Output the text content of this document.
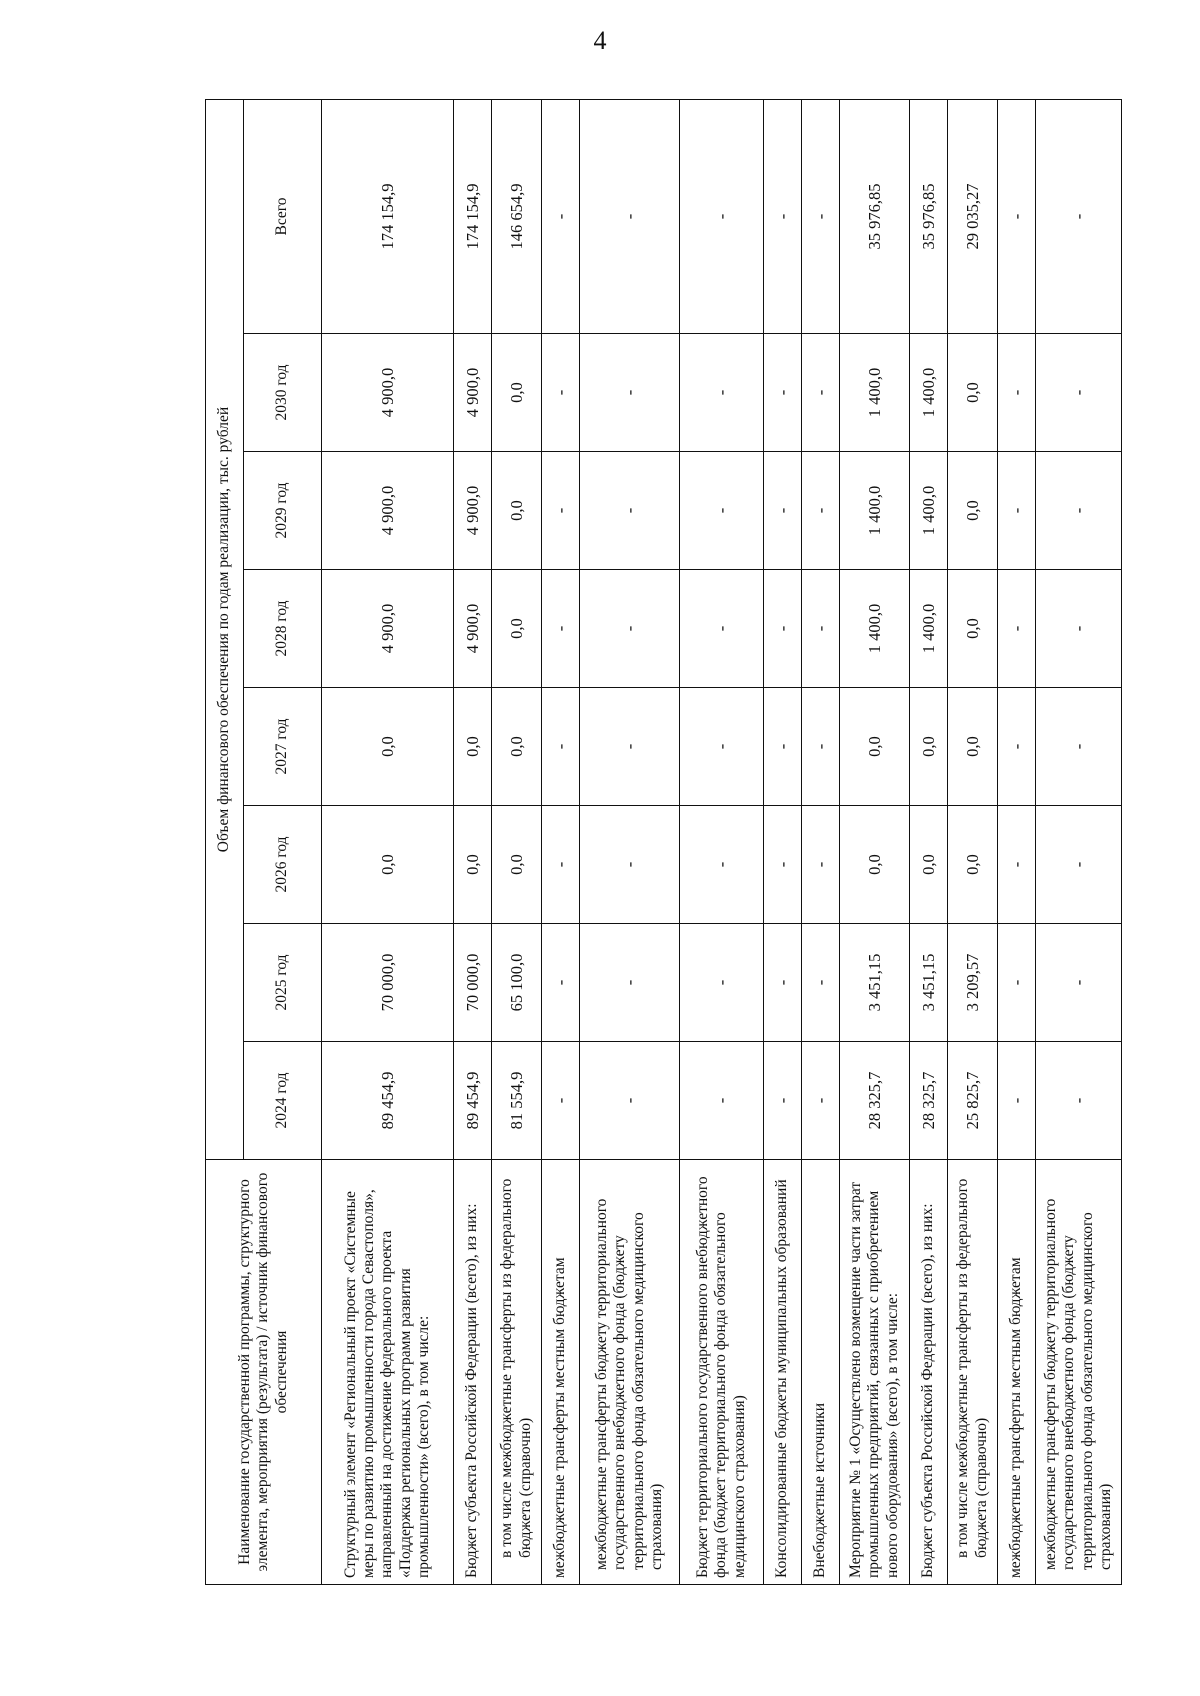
4
Наименование государственной программы, структурного элемента, мероприятия (результата) / источник финансового обеспечения	Объем финансового обеспечения по годам реализации, тыс. рублей							
	2024 год	2025 год	2026 год	2027 год	2028 год	2029 год	2030 год	Всего
Структурный элемент «Региональный проект «Системные меры по развитию промышленности города Севастополя», направленный на достижение федерального проекта «Поддержка региональных программ развития промышленности» (всего), в том числе:	89 454,9	70 000,0	0,0	0,0	4 900,0	4 900,0	4 900,0	174 154,9
Бюджет субъекта Российской Федерации (всего), из них:	89 454,9	70 000,0	0,0	0,0	4 900,0	4 900,0	4 900,0	174 154,9
в том числе межбюджетные трансферты из федерального бюджета (справочно)	81 554,9	65 100,0	0,0	0,0	0,0	0,0	0,0	146 654,9
межбюджетные трансферты местным бюджетам	-	-	-	-	-	-	-	-
межбюджетные трансферты бюджету территориального государственного внебюджетного фонда (бюджету территориального фонда обязательного медицинского страхования)	-	-	-	-	-	-	-	-
Бюджет территориального государственного внебюджетного фонда (бюджет территориального фонда обязательного медицинского страхования)	-	-	-	-	-	-	-	-
Консолидированные бюджеты муниципальных образований	-	-	-	-	-	-	-	-
Внебюджетные источники	-	-	-	-	-	-	-	-
Мероприятие № 1 «Осуществлено возмещение части затрат промышленных предприятий, связанных с приобретением нового оборудования» (всего), в том числе:	28 325,7	3 451,15	0,0	0,0	1 400,0	1 400,0	1 400,0	35 976,85
Бюджет субъекта Российской Федерации (всего), из них:	28 325,7	3 451,15	0,0	0,0	1 400,0	1 400,0	1 400,0	35 976,85
в том числе межбюджетные трансферты из федерального бюджета (справочно)	25 825,7	3 209,57	0,0	0,0	0,0	0,0	0,0	29 035,27
межбюджетные трансферты местным бюджетам	-	-	-	-	-	-	-	-
межбюджетные трансферты бюджету территориального государственного внебюджетного фонда (бюджету территориального фонда обязательного медицинского страхования)	-	-	-	-	-	-	-	-
